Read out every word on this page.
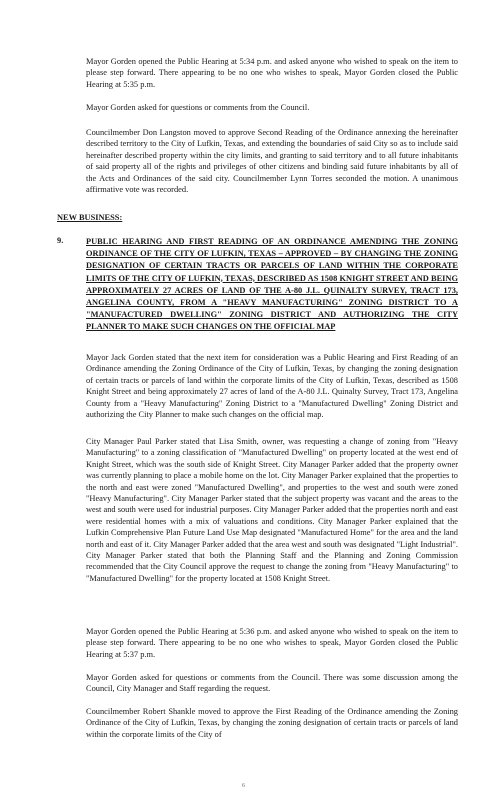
Mayor Gorden opened the Public Hearing at 5:34 p.m. and asked anyone who wished to speak on the item to please step forward. There appearing to be no one who wishes to speak, Mayor Gorden closed the Public Hearing at 5:35 p.m.

Mayor Gorden asked for questions or comments from the Council.

Councilmember Don Langston moved to approve Second Reading of the Ordinance annexing the hereinafter described territory to the City of Lufkin, Texas, and extending the boundaries of said City so as to include said hereinafter described property within the city limits, and granting to said territory and to all future inhabitants of said property all of the rights and privileges of other citizens and binding said future inhabitants by all of the Acts and Ordinances of the said city. Councilmember Lynn Torres seconded the motion. A unanimous affirmative vote was recorded.

NEW BUSINESS:

9.	PUBLIC HEARING AND FIRST READING OF AN ORDINANCE AMENDING THE ZONING ORDINANCE OF THE CITY OF LUFKIN, TEXAS – APPROVED – BY CHANGING THE ZONING DESIGNATION OF CERTAIN TRACTS OR PARCELS OF LAND WITHIN THE CORPORATE LIMITS OF THE CITY OF LUFKIN, TEXAS, DESCRIBED AS 1508 KNIGHT STREET AND BEING APPROXIMATELY 27 ACRES OF LAND OF THE A-80 J.L. QUINALTY SURVEY, TRACT 173, ANGELINA COUNTY, FROM A "HEAVY MANUFACTURING" ZONING DISTRICT TO A "MANUFACTURED DWELLING" ZONING DISTRICT AND AUTHORIZING THE CITY PLANNER TO MAKE SUCH CHANGES ON THE OFFICIAL MAP

Mayor Jack Gorden stated that the next item for consideration was a Public Hearing and First Reading of an Ordinance amending the Zoning Ordinance of the City of Lufkin, Texas, by changing the zoning designation of certain tracts or parcels of land within the corporate limits of the City of Lufkin, Texas, described as 1508 Knight Street and being approximately 27 acres of land of the A-80 J.L. Quinalty Survey, Tract 173, Angelina County from a "Heavy Manufacturing" Zoning District to a "Manufactured Dwelling" Zoning District and authorizing the City Planner to make such changes on the official map.

City Manager Paul Parker stated that Lisa Smith, owner, was requesting a change of zoning from "Heavy Manufacturing" to a zoning classification of "Manufactured Dwelling" on property located at the west end of Knight Street, which was the south side of Knight Street. City Manager Parker added that the property owner was currently planning to place a mobile home on the lot. City Manager Parker explained that the properties to the north and east were zoned "Manufactured Dwelling", and properties to the west and south were zoned "Heavy Manufacturing". City Manager Parker stated that the subject property was vacant and the areas to the west and south were used for industrial purposes. City Manager Parker added that the properties north and east were residential homes with a mix of valuations and conditions. City Manager Parker explained that the Lufkin Comprehensive Plan Future Land Use Map designated "Manufactured Home" for the area and the land north and east of it. City Manager Parker added that the area west and south was designated "Light Industrial". City Manager Parker stated that both the Planning Staff and the Planning and Zoning Commission recommended that the City Council approve the request to change the zoning from "Heavy Manufacturing" to "Manufactured Dwelling" for the property located at 1508 Knight Street.

Mayor Gorden opened the Public Hearing at 5:36 p.m. and asked anyone who wished to speak on the item to please step forward. There appearing to be no one who wishes to speak, Mayor Gorden closed the Public Hearing at 5:37 p.m.

Mayor Gorden asked for questions or comments from the Council. There was some discussion among the Council, City Manager and Staff regarding the request.

Councilmember Robert Shankle moved to approve the First Reading of the Ordinance amending the Zoning Ordinance of the City of Lufkin, Texas, by changing the zoning designation of certain tracts or parcels of land within the corporate limits of the City of

6
